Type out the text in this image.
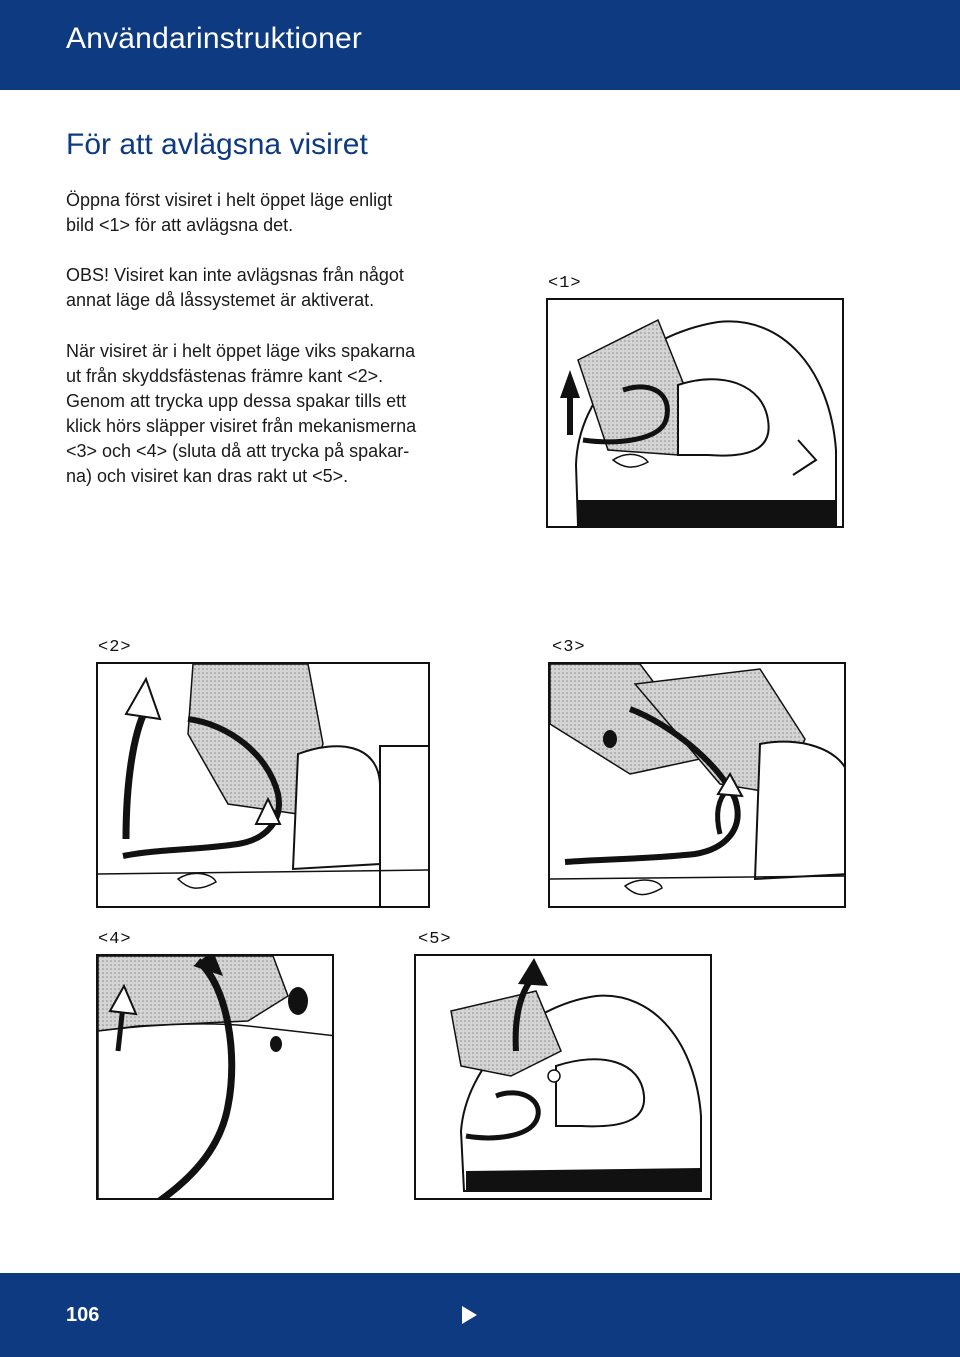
Användarinstruktioner
För att avlägsna visiret

Öppna först visiret i helt öppet läge enligt
bild <1> för att avlägsna det.

OBS! Visiret kan inte avlägsnas från något
annat läge då låssystemet är aktiverat.

När visiret är i helt öppet läge viks spakarna
ut från skyddsfästenas främre kant <2>.
Genom att trycka upp dessa spakar tills ett
klick hörs släpper visiret från mekanismerna
<3> och <4> (sluta då att trycka på spakar-
na) och visiret kan dras rakt ut <5>.

<1>
<2>	<3>
<4>	<5>
106
